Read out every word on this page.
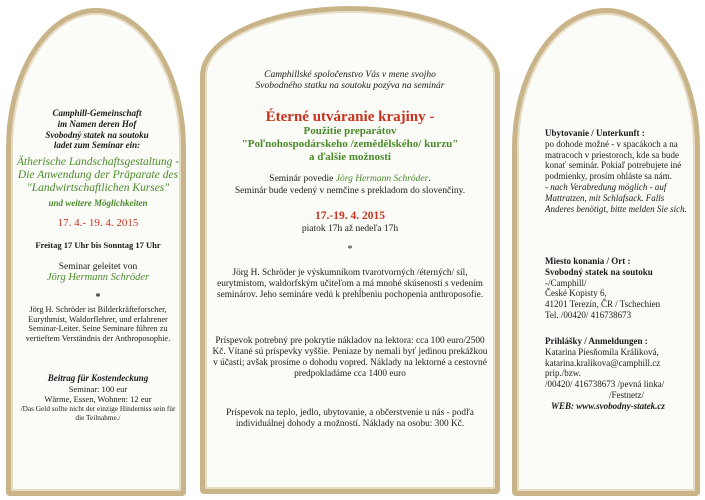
Camphill-Gemeinschaft

im Namen deren Hof

Svobodný statek na soutoku

ladet zum Seminar ein:

Ätherische Landschaftsgestaltung - Die Anwendung der Präparate des "Landwirtschaftlichen Kurses"
und weitere Möglichkeiten
17. 4.- 19. 4. 2015
Freitag 17 Uhr bis Sonntag 17 Uhr
Seminar geleitet von
Jörg Hermann Schröder
*
Jörg H. Schröder ist Bilderkräfteforscher, Eurythmist, Waldorflehrer, und erfahrener Seminar-Leiter. Seine Seminare führen zu vertieftem Verständnis der Anthroposophie.
Beitrag für Kostendeckung

Seminar: 100 eur

Wärme, Essen, Wohnen: 12 eur

/Das Geld sollte nicht der einzige Hinderniss sein für die Teilnahme./

Camphillské spoločenstvo Vás v mene svojho

Svobodného statku na soutoku pozýva na seminár

Éterné utváranie krajiny -
Použitie preparátov
"Poľnohospodárskeho /zemědělského/ kurzu"
a ďalšie možnosti
Seminár povedie Jörg Hermann Schröder.
Seminár bude vedený v nemčine s prekladom do slovenčiny.
17.-19. 4. 2015
piatok 17h až nedeľa 17h
*
Jörg H. Schröder je výskumníkom tvarotvorných /éterných/ síl, eurytmistom, waldorfským učiteľom a má mnohé skúsenosti s vedením seminárov. Jeho semináre vedú k prehĺbeniu pochopenia anthroposofie.
Príspevok potrebný pre pokrytie nákladov na lektora: cca 100 euro/2500 Kč. Vítané sú príspevky vyššie. Peniaze by nemali byť jedinou prekážkou v účasti; avšak prosíme o dohodu vopred. Náklady na lektorné a cestovné predpokladáme cca 1400 euro
Príspevok na teplo, jedlo, ubytovanie, a občerstvenie u nás - podľa individuálnej dohody a možností. Náklady na osobu: 300 Kč.

Ubytovanie / Unterkunft :

po dohode možné - v spacákoch a na matracoch v priestoroch, kde sa bude konať seminár. Pokiaľ potrebujete iné podmienky, prosím ohláste sa nám.

- nach Verabredung möglich - auf Mattratzen, mit Schlafsack. Falls Anderes benötigt, bitte melden Sie sich.

Miesto konania / Ort :

Svobodný statek na soutoku

-/Camphill/

České Kopisty 6,

41201 Terezín, ČR / Tschechien

Tel. /00420/ 416738673

Prihlášky / Anmeldungen :

Katarina Piesňomila Králiková,

katarina.kralikova@camphill.cz

príp./bzw.

/00420/ 416738673 /pevná linka/

/Festnetz/

WEB: www.svobodny-statek.cz
